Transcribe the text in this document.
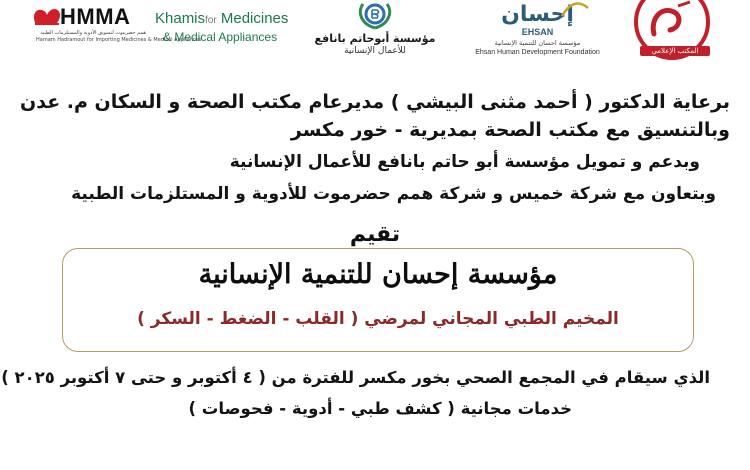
HMMA
همم حضرموت لتسويق الأدوية والمستلزمات الطبية
Hamam Hadramout for Importing Medicines & Medical Appliances
Khamisfor Medicines
& Medical Appliances	مؤسسة أبوحاتم بانافع
للأعمال الإنسانية
إحسان
EHSAN
مؤسسة احسان للتنمية الإنسانية
Ehsan Human Development Foundation	المكتب الإعلامي
برعاية الدكتور ( أحمد مثنى البيشي ) مديرعام مكتب الصحة و السكان م. عدن
وبالتنسيق مع مكتب الصحة بمديرية - خور مكسر
وبدعم و تمويل مؤسسة أبو حاتم بانافع للأعمال الإنسانية
وبتعاون مع شركة خميس و شركة همم حضرموت للأدوية و المستلزمات الطبية
تقيم
مؤسسة إحسان للتنمية الإنسانية
المخيم الطبي المجاني لمرضي ( القلب - الضغط - السكر )
الذي سيقام في المجمع الصحي بخور مكسر للفترة من ( ٤ أكتوبر و حتى ٧ أكتوبر ٢٠٢٥ )
خدمات مجانية ( كشف طبي - أدوية - فحوصات )
